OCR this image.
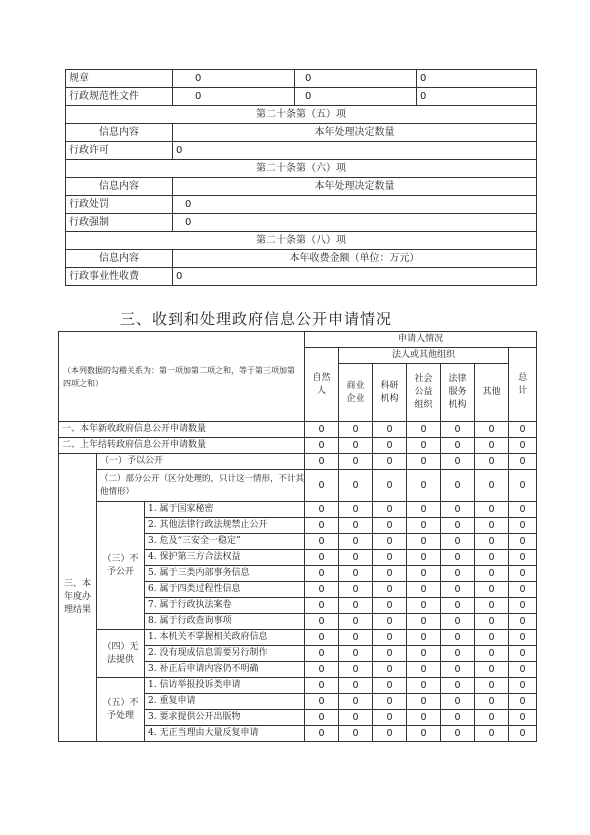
规章	0	0	0
行政规范性文件	0	0	0
第二十条第（五）项			
信息内容	本年处理决定数量		
行政许可	0		
第二十条第（六）项			
信息内容	本年处理决定数量		
行政处罚	0		
行政强制	0		
第二十条第（八）项			
信息内容	本年收费金额（单位：万元）		
行政事业性收费	0		
三、收到和处理政府信息公开申请情况
（本列数据的勾稽关系为：第一项加第二项之和，等于第三项加第四项之和）			申请人情况						
			自然人	法人或其他组织					总计
				商业企业	科研机构	社会公益组织	法律服务机构	其他	
一、本年新收政府信息公开申请数量			0	0	0	0	0	0	0
二、上年结转政府信息公开申请数量			0	0	0	0	0	0	0
三、本年度办理结果	（一）予以公开		0	0	0	0	0	0	0
	（二）部分公开（区分处理的，只计这一情形，不计其他情形）		0	0	0	0	0	0	0
	（三）不予公开	1. 属于国家秘密	0	0	0	0	0	0	0
		2. 其他法律行政法规禁止公开	0	0	0	0	0	0	0
		3. 危及“三安全一稳定”	0	0	0	0	0	0	0
		4. 保护第三方合法权益	0	0	0	0	0	0	0
		5. 属于三类内部事务信息	0	0	0	0	0	0	0
		6. 属于四类过程性信息	0	0	0	0	0	0	0
		7. 属于行政执法案卷	0	0	0	0	0	0	0
		8. 属于行政查询事项	0	0	0	0	0	0	0
	（四）无法提供	1. 本机关不掌握相关政府信息	0	0	0	0	0	0	0
		2. 没有现成信息需要另行制作	0	0	0	0	0	0	0
		3. 补正后申请内容仍不明确	0	0	0	0	0	0	0
	（五）不予处理	1. 信访举报投诉类申请	0	0	0	0	0	0	0
		2. 重复申请	0	0	0	0	0	0	0
		3. 要求提供公开出版物	0	0	0	0	0	0	0
		4. 无正当理由大量反复申请	0	0	0	0	0	0	0
